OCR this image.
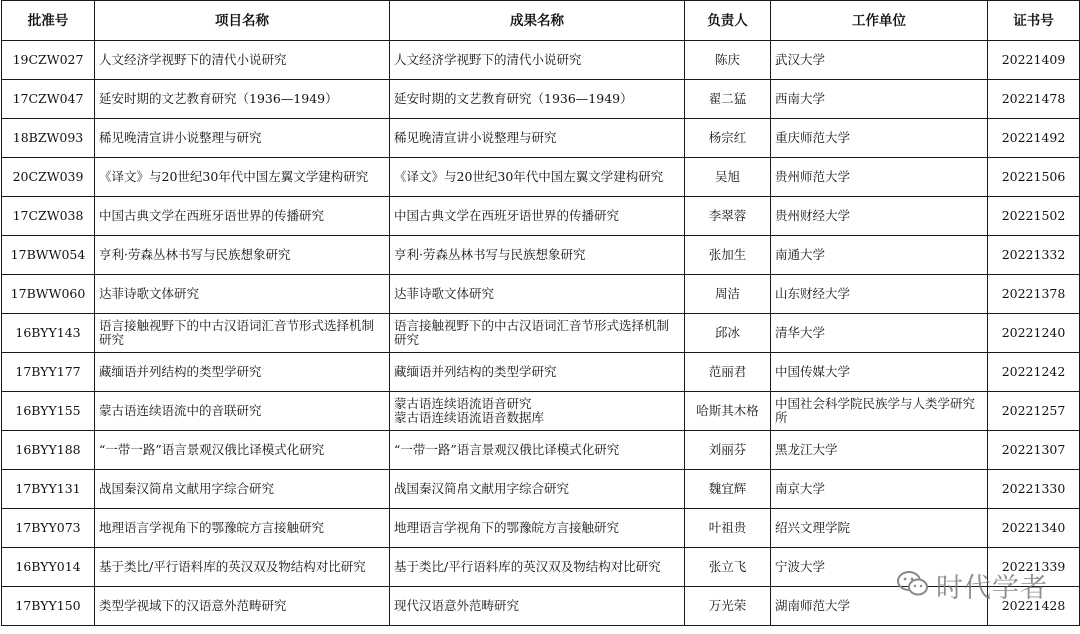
批准号	项目名称	成果名称	负责人	工作单位	证书号
19CZW027	人文经济学视野下的清代小说研究	人文经济学视野下的清代小说研究	陈庆	武汉大学	20221409
17CZW047	延安时期的文艺教育研究（1936—1949）	延安时期的文艺教育研究（1936—1949）	翟二猛	西南大学	20221478
18BZW093	稀见晚清宣讲小说整理与研究	稀见晚清宣讲小说整理与研究	杨宗红	重庆师范大学	20221492
20CZW039	《译文》与20世纪30年代中国左翼文学建构研究	《译文》与20世纪30年代中国左翼文学建构研究	吴旭	贵州师范大学	20221506
17CZW038	中国古典文学在西班牙语世界的传播研究	中国古典文学在西班牙语世界的传播研究	李翠蓉	贵州财经大学	20221502
17BWW054	亨利·劳森丛林书写与民族想象研究	亨利·劳森丛林书写与民族想象研究	张加生	南通大学	20221332
17BWW060	达菲诗歌文体研究	达菲诗歌文体研究	周洁	山东财经大学	20221378
16BYY143	语言接触视野下的中古汉语词汇音节形式选择机制研究	语言接触视野下的中古汉语词汇音节形式选择机制研究	邱冰	清华大学	20221240
17BYY177	藏缅语并列结构的类型学研究	藏缅语并列结构的类型学研究	范丽君	中国传媒大学	20221242
16BYY155	蒙古语连续语流中的音联研究	蒙古语连续语流语音研究
蒙古语连续语流语音数据库	哈斯其木格	中国社会科学院民族学与人类学研究所	20221257
16BYY188	“一带一路”语言景观汉俄比译模式化研究	“一带一路”语言景观汉俄比译模式化研究	刘丽芬	黑龙江大学	20221307
17BYY131	战国秦汉简帛文献用字综合研究	战国秦汉简帛文献用字综合研究	魏宜辉	南京大学	20221330
17BYY073	地理语言学视角下的鄂豫皖方言接触研究	地理语言学视角下的鄂豫皖方言接触研究	叶祖贵	绍兴文理学院	20221340
16BYY014	基于类比/平行语料库的英汉双及物结构对比研究	基于类比/平行语料库的英汉双及物结构对比研究	张立飞	宁波大学	20221339
17BYY150	类型学视域下的汉语意外范畴研究	现代汉语意外范畴研究	万光荣	湖南师范大学	20221428
时代学者
